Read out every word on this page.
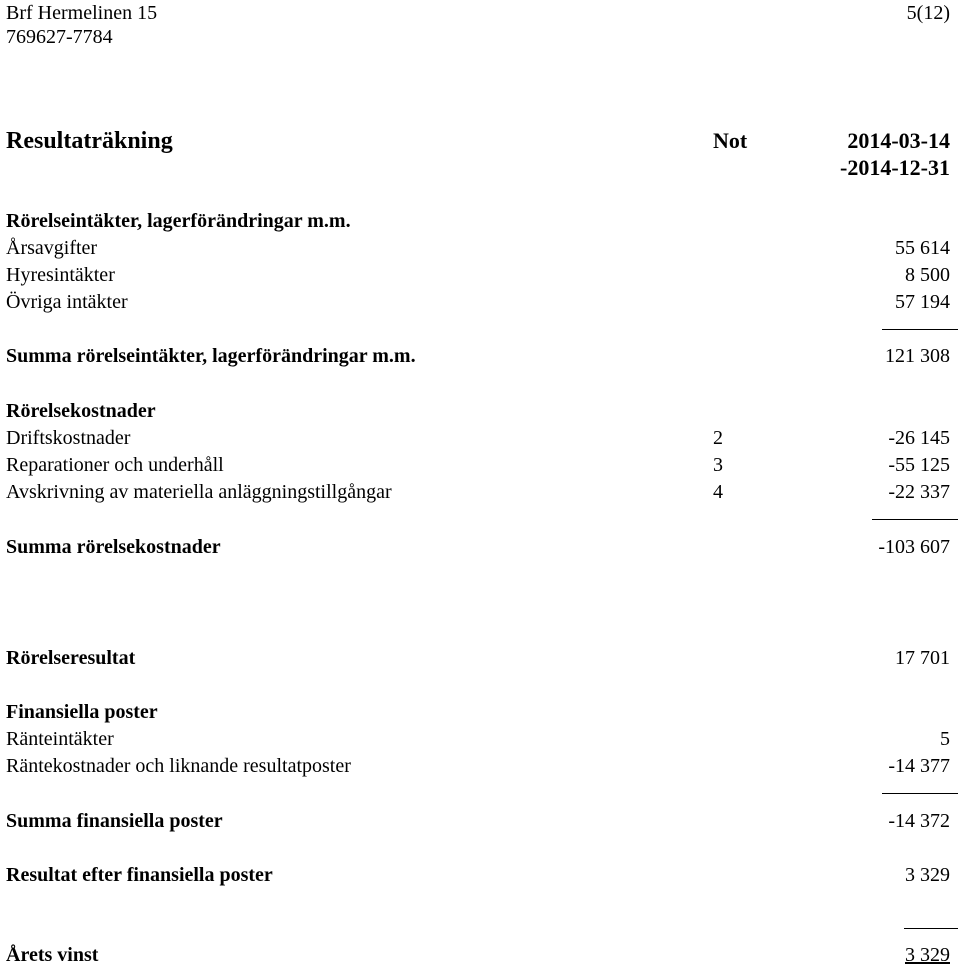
Brf Hermelinen 15
769627-7784
5(12)
Resultaträkning	Not	2014-03-14
-2014-12-31
Rörelseintäkter, lagerförändringar m.m.
Årsavgifter	55 614
Hyresintäkter	8 500
Övriga intäkter	57 194
Summa rörelseintäkter, lagerförändringar m.m.	121 308
Rörelsekostnader
Driftskostnader	2	-26 145
Reparationer och underhåll	3	-55 125
Avskrivning av materiella anläggningstillgångar	4	-22 337
Summa rörelsekostnader	-103 607
Rörelseresultat	17 701
Finansiella poster
Ränteintäkter	5
Räntekostnader och liknande resultatposter	-14 377
Summa finansiella poster	-14 372
Resultat efter finansiella poster	3 329
Årets vinst	3 329
